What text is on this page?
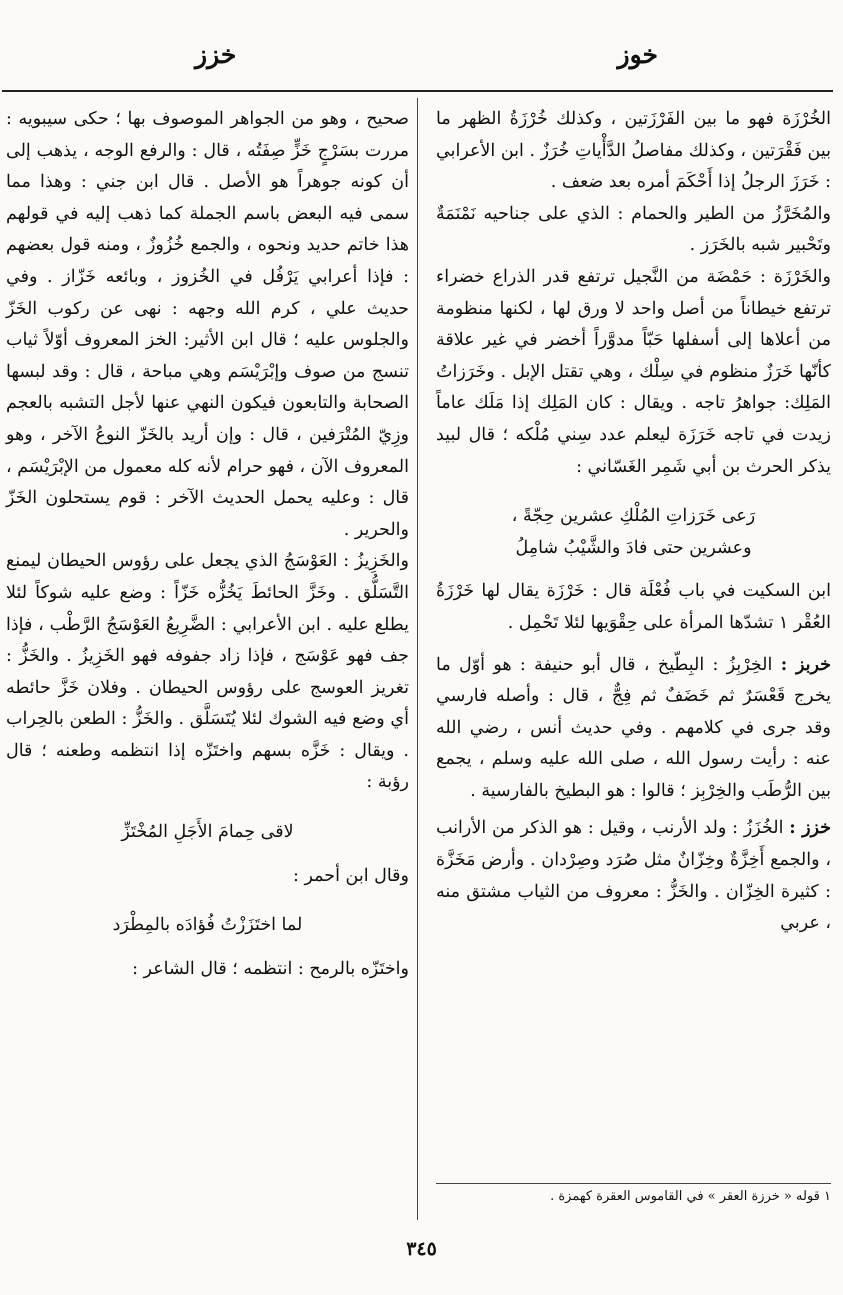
خوز
خزز

الخُرْزَة فهو ما بين الفَرْزَتين ، وكذلك خُرْزَةُ الظهر ما بين فَقْرَتين ، وكذلك مفاصلُ الدَّأْياتِ خُرَزٌ . ابن الأعرابي : خَرَزَ الرجلُ إذا أَحْكَمَ أمره بعد ضعف .

والمُخَرَّزُ من الطير والحمام : الذي على جناحيه نَمْنَمَةٌ وتَحْبير شبه بالخَرَز .

والخَرْزَة : حَمْضَة من النَّجيل ترتفع قدر الذراع خضراء ترتفع خيطاناً من أصل واحد لا ورق لها ، لكنها منظومة من أعلاها إلى أسفلها حَبّاً مدوَّراً أخضر في غير علاقة كأنّها خَرَزٌ منظوم في سِلْك ، وهي تقتل الإبل . وخَرَزاتُ المَلِك: جواهرُ تاجه . ويقال : كان المَلِك إذا مَلَك عاماً زيدت في تاجه خَرَزَة ليعلم عدد سِني مُلْكه ؛ قال لبيد يذكر الحرث بن أبي شَمِر الغَسّاني :

رَعى خَرَزاتِ المُلْكِ عشرين حِجّةً ،
وعشرين حتى فادَ والشَّيْبُ شامِلُ

ابن السكيت في باب فُعْلَة قال : خَرْزَة يقال لها خَرْزَةُ العُقْر ١ تشدّها المرأة على حِقْوَيها لئلا تَحْمِل .

خربز : الخِرْبِزُ : البِطّيخ ، قال أبو حنيفة : هو أوّل ما يخرج قَعْسَرٌ ثم خَضَفٌ ثم فِجٌّ ، قال : وأصله فارسي وقد جرى في كلامهم . وفي حديث أنس ، رضي الله عنه : رأيت رسول الله ، صلى الله عليه وسلم ، يجمع بين الرُّطَب والخِرْبِز ؛ قالوا : هو البطيخ بالفارسية .

خزز : الخُزَزُ : ولد الأرنب ، وقيل : هو الذكر من الأرانب ، والجمع أَخِزَّةٌ وخِزّانٌ مثل صُرَد وصِرْدان . وأرض مَخَزَّة : كثيرة الخِزّان . والخَزُّ : معروف من الثياب مشتق منه ، عربي

صحيح ، وهو من الجواهر الموصوف بها ؛ حكى سيبويه : مررت بسَرْجٍ خَزٍّ صِفَتُه ، قال : والرفع الوجه ، يذهب إلى أن كونه جوهراً هو الأصل . قال ابن جني : وهذا مما سمى فيه البعض باسم الجملة كما ذهب إليه في قولهم هذا خاتم حديد ونحوه ، والجمع خُزُوزٌ ، ومنه قول بعضهم : فإذا أعرابي يَرْفُل في الخُزوز ، وبائعه خَزّاز . وفي حديث علي ، كرم الله وجهه : نهى عن ركوب الخَزّ والجلوس عليه ؛ قال ابن الأثير: الخز المعروف أوّلاً ثياب تنسج من صوف وإبْرَيْسَم وهي مباحة ، قال : وقد لبسها الصحابة والتابعون فيكون النهي عنها لأجل التشبه بالعجم وزِيّ المُتْرَفين ، قال : وإن أريد بالخَزّ النوعُ الآخر ، وهو المعروف الآن ، فهو حرام لأنه كله معمول من الإبْرَيْسَم ، قال : وعليه يحمل الحديث الآخر : قوم يستحلون الخَزّ والحرير .

والخَزِيزُ : العَوْسَجُ الذي يجعل على رؤوس الحيطان ليمنع التَّسَلُّق . وخَزَّ الحائطَ يَخُزُّه خَزّاً : وضع عليه شوكاً لئلا يطلع عليه . ابن الأعرابي : الضَّرِيعُ العَوْسَجُ الرَّطْب ، فإذا جف فهو عَوْسَج ، فإذا زاد جفوفه فهو الخَزِيزُ . والخَزُّ : تغريز العوسج على رؤوس الحيطان . وفلان خَزَّ حائطه أي وضع فيه الشوك لئلا يُتَسَلَّق . والخَزُّ : الطعن بالحِراب . ويقال : خَزَّه بسهم واختَزّه إذا انتظمه وطعنه ؛ قال رؤبة :

لاقى حِمامَ الأَجَلِ المُخْتَزِّ

وقال ابن أحمر :

لما اختَزَزْتُ فُؤادَه بالمِطْرَد

واختَزّه بالرمح : انتظمه ؛ قال الشاعر :

١ قوله « خرزة العقر » في القاموس العقرة كهمزة .
٣٤٥
